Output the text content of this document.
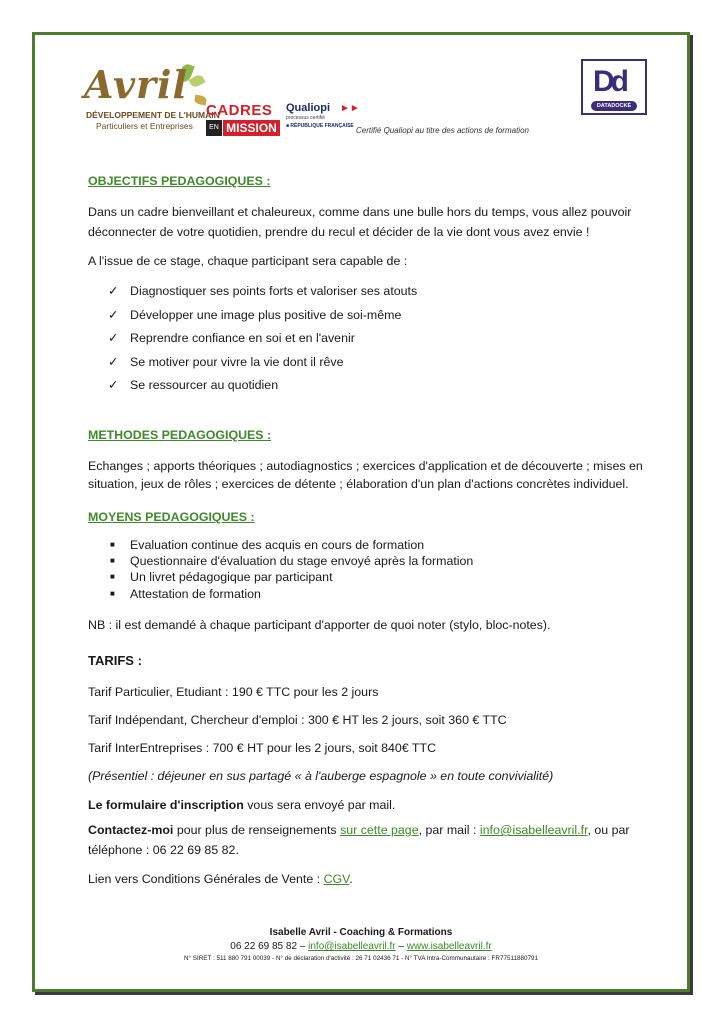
Avril
DÉVELOPPEMENT DE L'HUMAIN
Particuliers et Entreprises
CADRES
EN MISSION
Qualiopi ►►
processus certifié
■ RÉPUBLIQUE FRANÇAISE Certifié Qualiopi au titre des actions de formation
Dd
DATADOCKÉ
OBJECTIFS PEDAGOGIQUES :
Dans un cadre bienveillant et chaleureux, comme dans une bulle hors du temps, vous allez pouvoir déconnecter de votre quotidien, prendre du recul et décider de la vie dont vous avez envie !
A l'issue de ce stage, chaque participant sera capable de :
✓ Diagnostiquer ses points forts et valoriser ses atouts
✓ Développer une image plus positive de soi-même
✓ Reprendre confiance en soi et en l'avenir
✓ Se motiver pour vivre la vie dont il rêve
✓ Se ressourcer au quotidien
METHODES PEDAGOGIQUES :
Echanges ; apports théoriques ; autodiagnostics ; exercices d'application et de découverte ; mises en situation, jeux de rôles ; exercices de détente ; élaboration d'un plan d'actions concrètes individuel.
MOYENS PEDAGOGIQUES :
■ Evaluation continue des acquis en cours de formation
■ Questionnaire d'évaluation du stage envoyé après la formation
■ Un livret pédagogique par participant
■ Attestation de formation
NB : il est demandé à chaque participant d'apporter de quoi noter (stylo, bloc-notes).
TARIFS :
Tarif Particulier, Etudiant : 190 € TTC pour les 2 jours
Tarif Indépendant, Chercheur d'emploi : 300 € HT les 2 jours, soit 360 € TTC
Tarif InterEntreprises : 700 € HT pour les 2 jours, soit 840€ TTC
(Présentiel : déjeuner en sus partagé « à l'auberge espagnole » en toute convivialité)
Le formulaire d'inscription vous sera envoyé par mail.
Contactez-moi pour plus de renseignements sur cette page, par mail : info@isabelleavril.fr, ou par
téléphone : 06 22 69 85 82.
Lien vers Conditions Générales de Vente : CGV.
Isabelle Avril - Coaching & Formations
06 22 69 85 82 – info@isabelleavril.fr – www.isabelleavril.fr
N° SIRET : 511 880 791 00039 - N° de déclaration d'activité : 26 71 02436 71 - N° TVA Intra-Communautaire : FR77511880791
